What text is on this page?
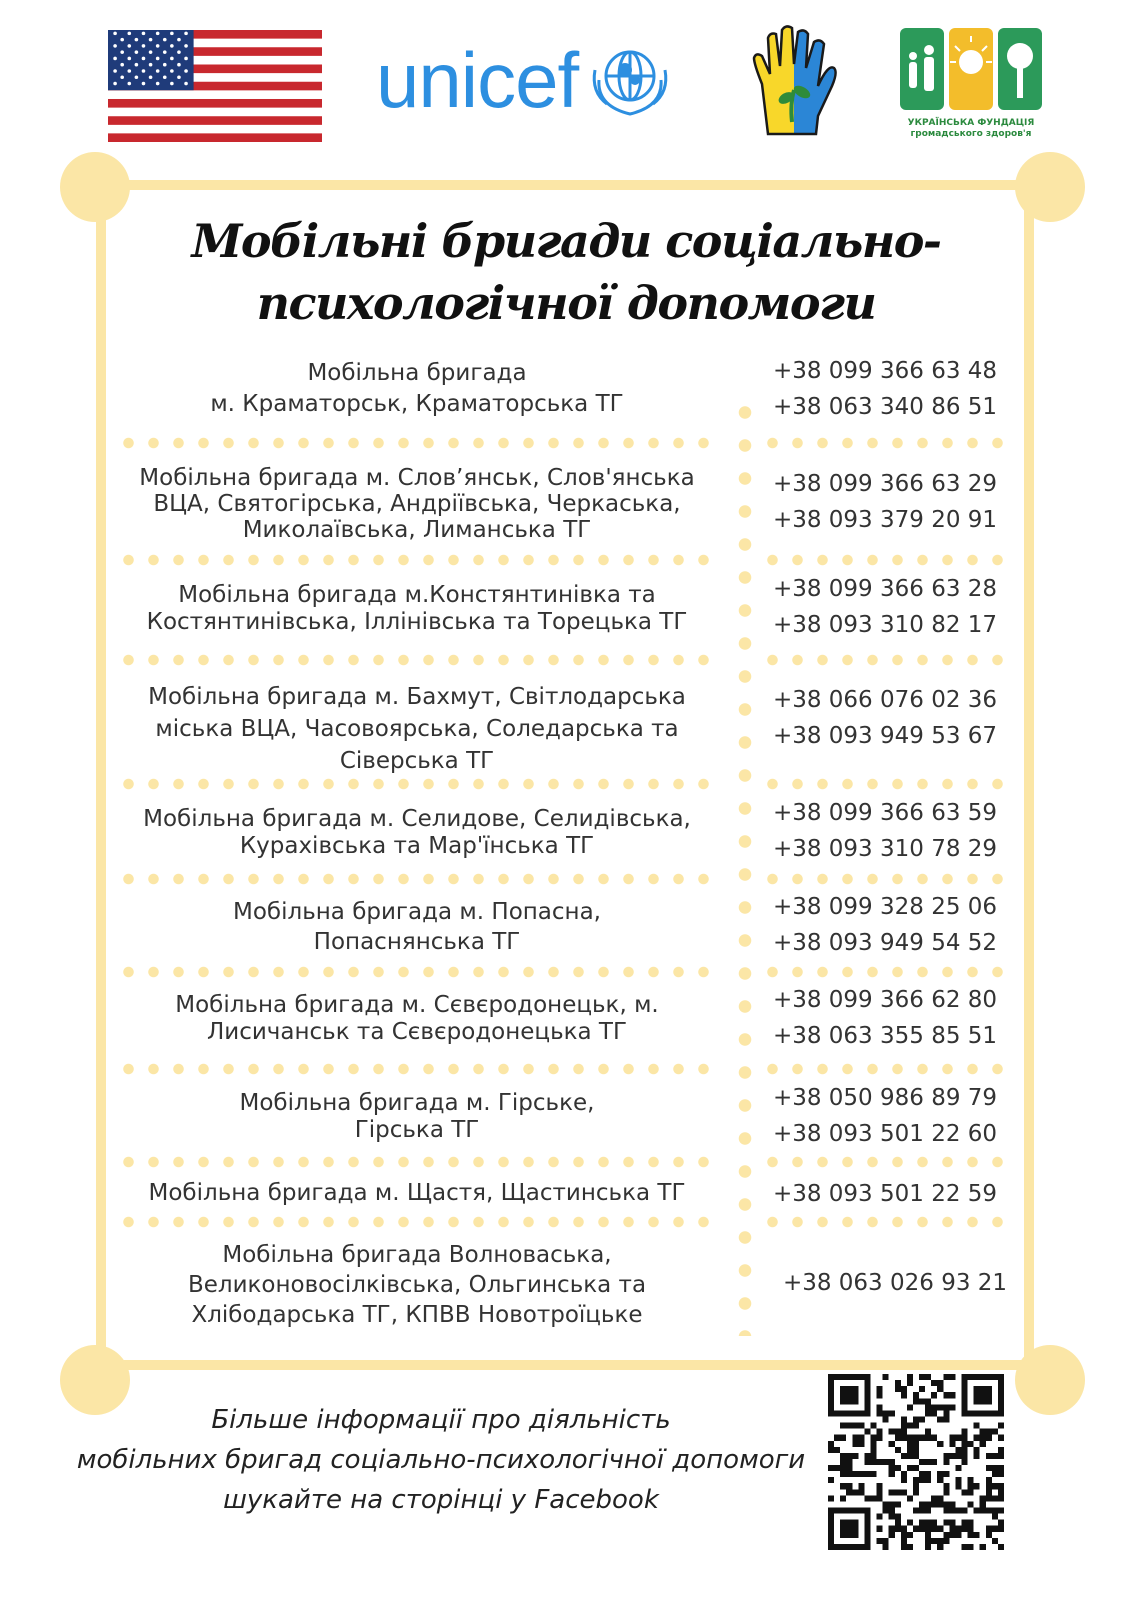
unicef	УКРАЇНСЬКА ФУНДАЦІЯ
громадського здоров'я
Мобільні бригади соціально-
психологічної допомоги
Мобільна бригада
м. Краматорськ, Краматорська ТГ
+38 099 366 63 48
+38 063 340 86 51
Мобільна бригада м. Слов’янськ, Слов'янська
ВЦА, Святогірська, Андріївська, Черкаська,
Миколаївська, Лиманська ТГ
+38 099 366 63 29
+38 093 379 20 91
Мобільна бригада м.Констянтинівка та
Костянтинівська, Іллінівська та Торецька ТГ
+38 099 366 63 28
+38 093 310 82 17
Мобільна бригада м. Бахмут, Світлодарська
міська ВЦА, Часовоярська, Соледарська та
Сіверська ТГ
+38 066 076 02 36
+38 093 949 53 67
Мобільна бригада м. Селидове, Селидівська,
Курахівська та Мар'їнська ТГ
+38 099 366 63 59
+38 093 310 78 29
Мобільна бригада м. Попасна,
Попаснянська ТГ
+38 099 328 25 06
+38 093 949 54 52
Мобільна бригада м. Сєвєродонецьк, м.
Лисичанськ та Сєвєродонецька ТГ
+38 099 366 62 80
+38 063 355 85 51
Мобільна бригада м. Гірське,
Гірська ТГ
+38 050 986 89 79
+38 093 501 22 60
Мобільна бригада м. Щастя, Щастинська ТГ	+38 093 501 22 59
Мобільна бригада Волноваська,
Великоновосілківська, Ольгинська та
Хлібодарська ТГ, КПВВ Новотроїцьке
+38 063 026 93 21
Більше інформації про діяльність
мобільних бригад соціально-психологічної допомоги
шукайте на сторінці у Facebook
